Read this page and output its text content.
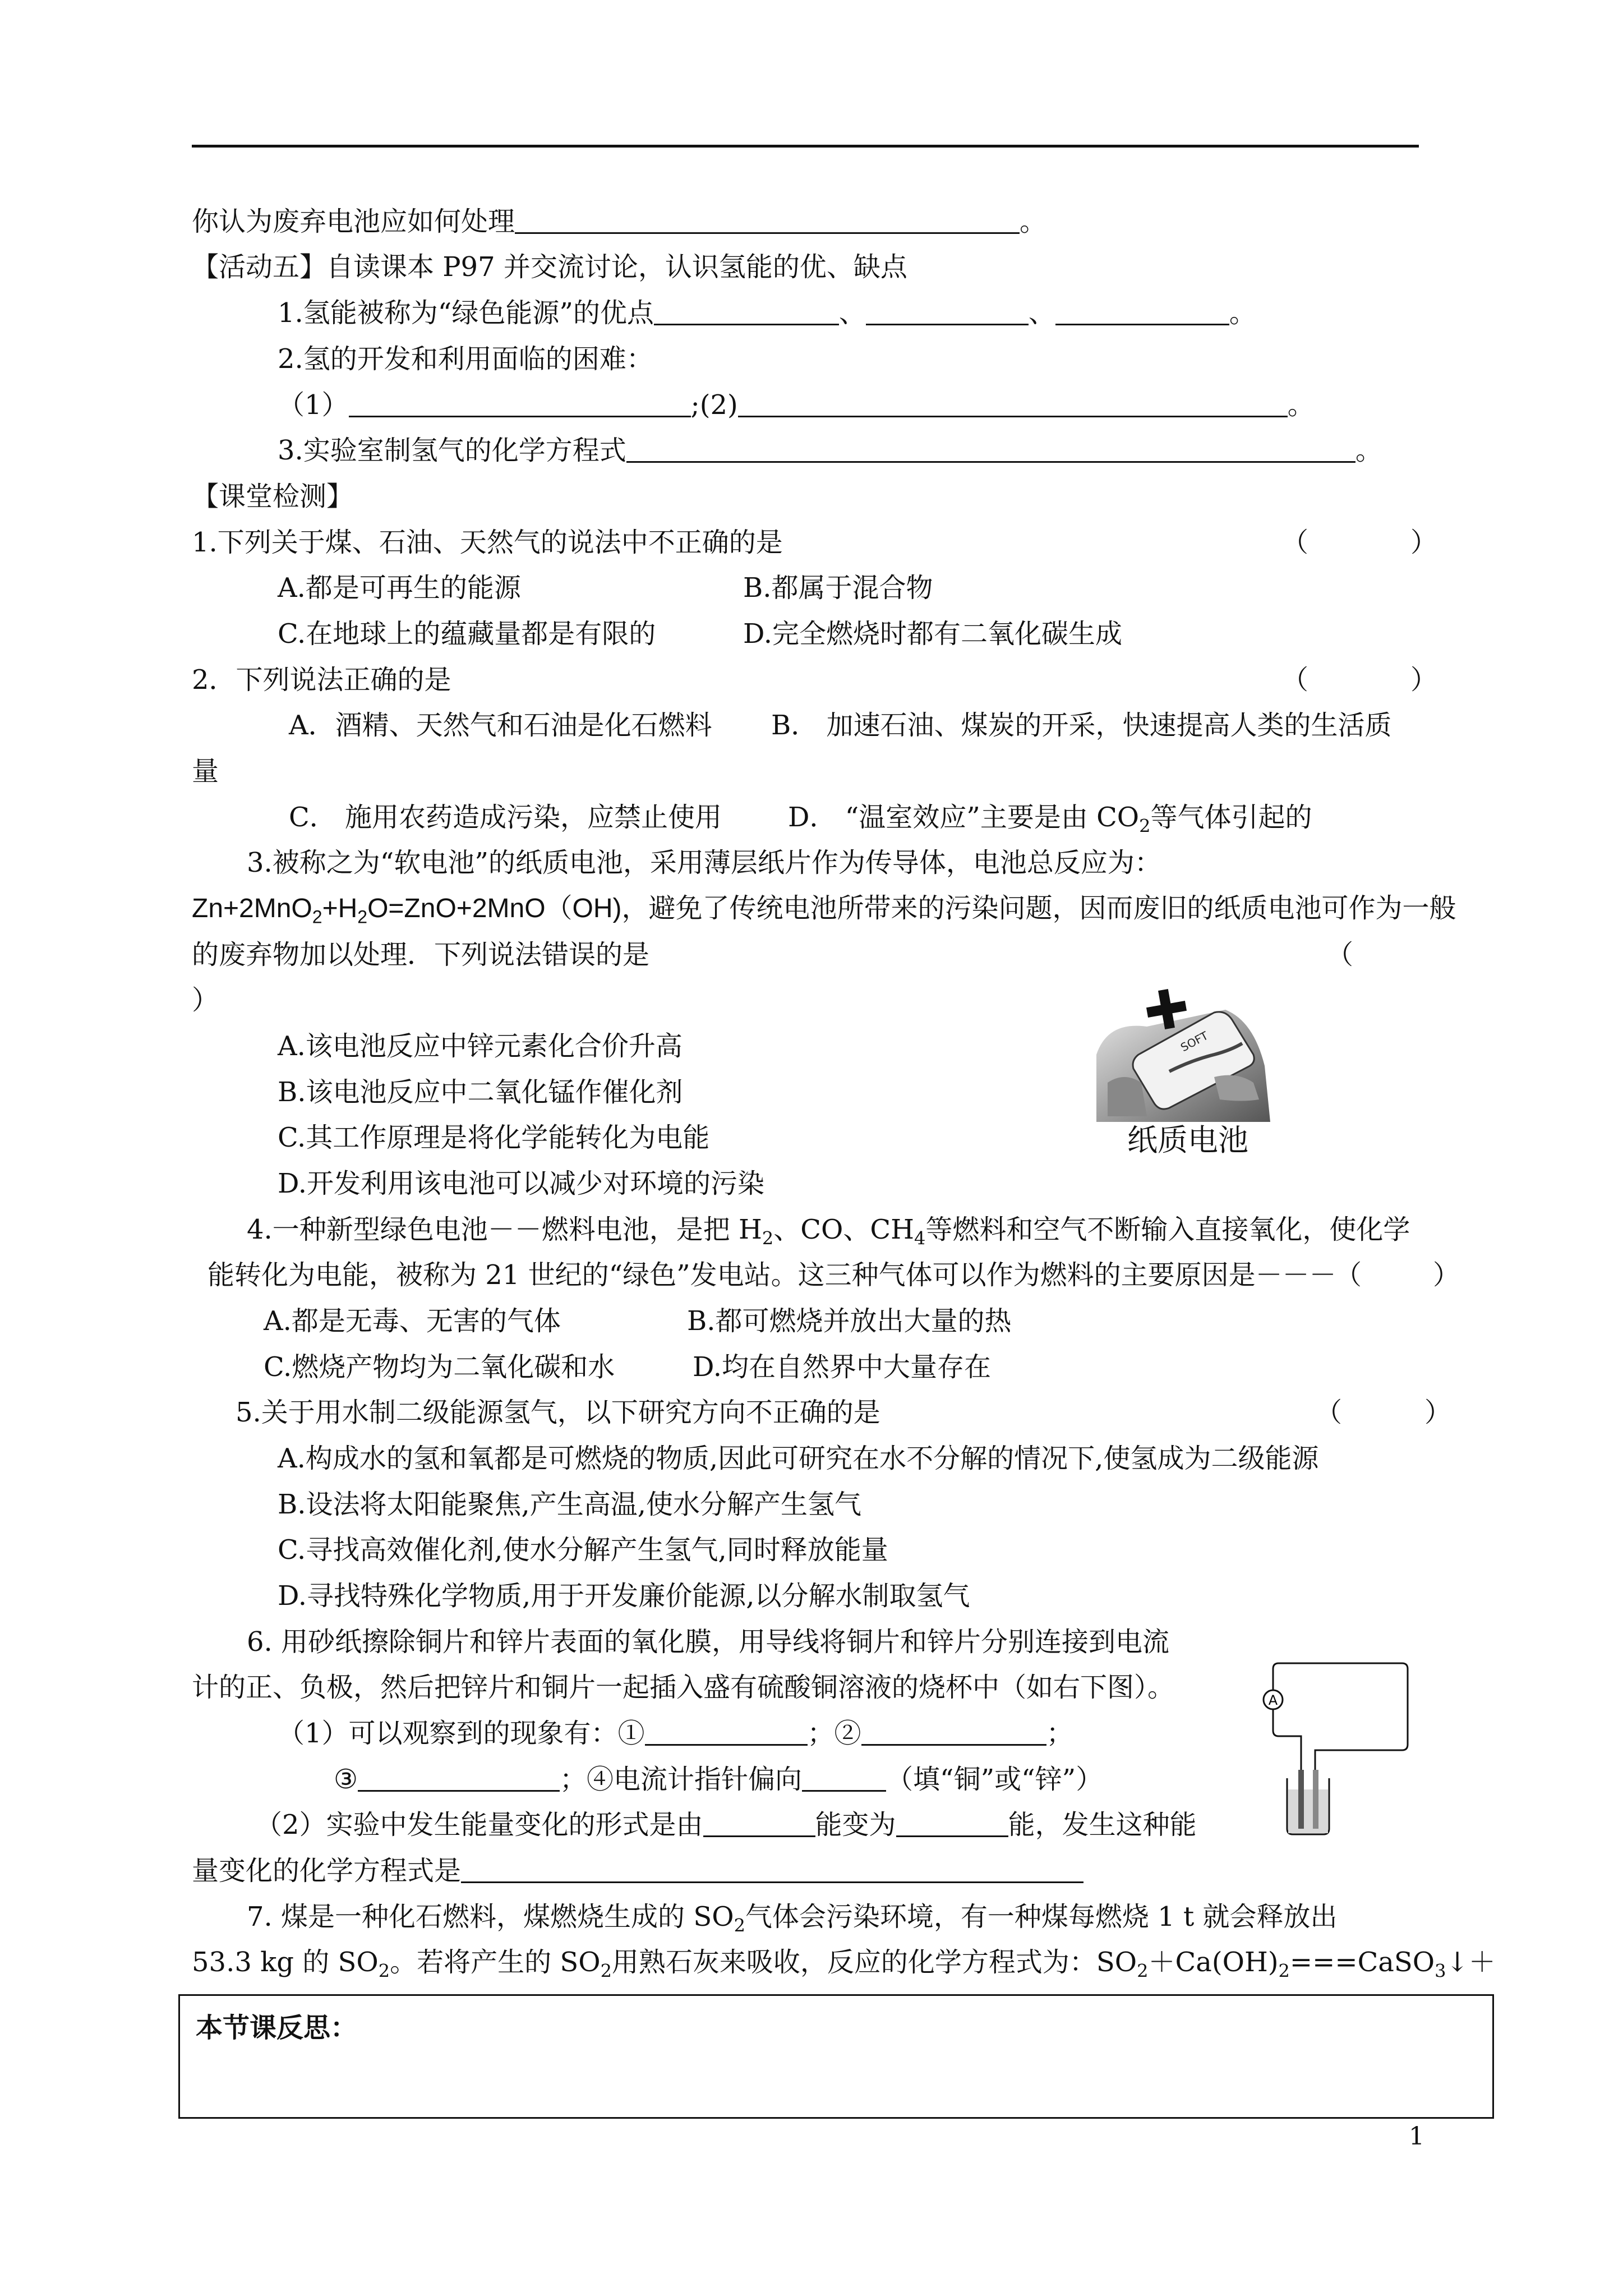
你认为废弃电池应如何处理	。
【活动五】自读课本 P97 并交流讨论，认识氢能的优、缺点
1.氢能被称为“绿色能源”的优点	、	、	。
2.氢的开发和利用面临的困难：
（1）	;(2)	。
3.实验室制氢气的化学方程式	。
【课堂检测】
1.下列关于煤、石油、天然气的说法中不正确的是	（	）
A.都是可再生的能源	B.都属于混合物
C.在地球上的蕴藏量都是有限的	D.完全燃烧时都有二氧化碳生成
2．下列说法正确的是	（	）
A．酒精、天然气和石油是化石燃料 B． 加速石油、煤炭的开采，快速提高人类的生活质
量
C． 施用农药造成污染，应禁止使用 D． “温室效应”主要是由 $CO_2$等气体引起的
3.被称之为“软电池”的纸质电池，采用薄层纸片作为传导体，电池总反应为：
$Zn+2MnO_2+H_2O=ZnO+2MnO(OH)$，避免了传统电池所带来的污染问题，因而废旧的纸质电池可作为一般
的废弃物加以处理．下列说法错误的是	（
）
A.该电池反应中锌元素化合价升高
B.该电池反应中二氧化锰作催化剂
C.其工作原理是将化学能转化为电能
D.开发利用该电池可以减少对环境的污染
SOFT
纸质电池
4.一种新型绿色电池－－燃料电池，是把 $H_2$、CO、$CH_4$等燃料和空气不断输入直接氧化，使化学
能转化为电能，被称为 21 世纪的“绿色”发电站。这三种气体可以作为燃料的主要原因是－－－
（	）
A.都是无毒、无害的气体	B.都可燃烧并放出大量的热
C.燃烧产物均为二氧化碳和水	D.均在自然界中大量存在
5.关于用水制二级能源氢气，以下研究方向不正确的是	（	）
A.构成水的氢和氧都是可燃烧的物质,因此可研究在水不分解的情况下,使氢成为二级能源
B.设法将太阳能聚焦,产生高温,使水分解产生氢气
C.寻找高效催化剂,使水分解产生氢气,同时释放能量
D.寻找特殊化学物质,用于开发廉价能源,以分解水制取氢气
6. 用砂纸擦除铜片和锌片表面的氧化膜，用导线将铜片和锌片分别连接到电流
计的正、负极，然后把锌片和铜片一起插入盛有硫酸铜溶液的烧杯中（如右下图）。
（1）可以观察到的现象有：①	；②	；
③	；④电流计指针偏向	（填“铜”或“锌”）
（2）实验中发生能量变化的形式是由	能变为	能，发生这种能
量变化的化学方程式是
A
7. 煤是一种化石燃料，煤燃烧生成的 $SO_2$气体会污染环境，有一种煤每燃烧 1 t 就会释放出
53.3 kg 的 $SO_2$。若将产生的 $SO_2$用熟石灰来吸收，反应的化学方程式为：$SO_2+Ca(OH)_2===CaSO_3↓+$
本节课反思：
1
